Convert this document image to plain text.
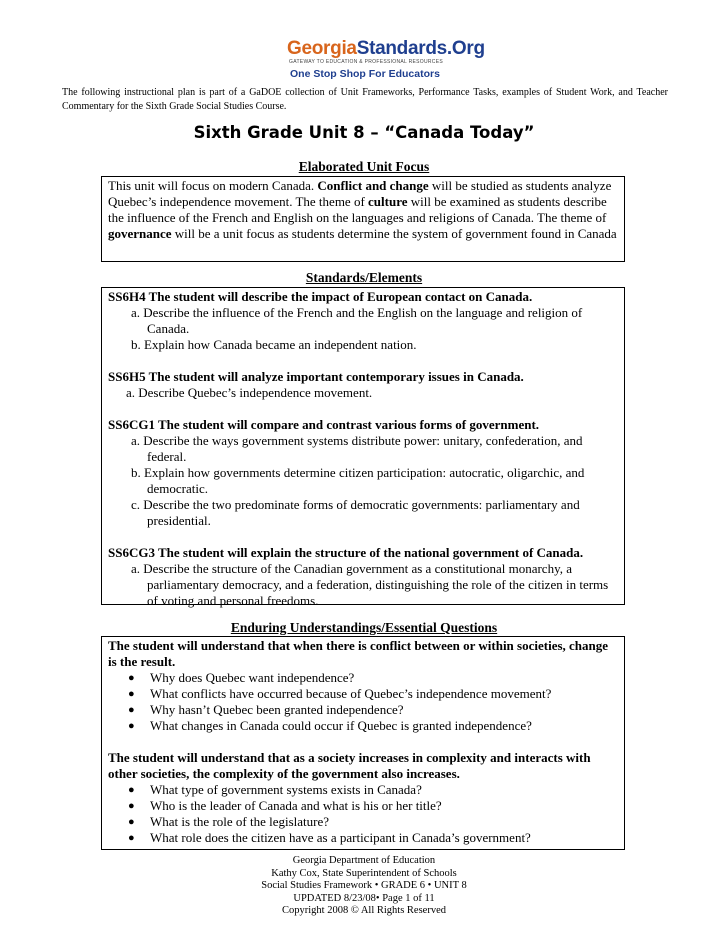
GeorgiaStandards.Org
GATEWAY TO EDUCATION & PROFESSIONAL RESOURCES
One Stop Shop For Educators
The following instructional plan is part of a GaDOE collection of Unit Frameworks, Performance Tasks, examples of Student Work, and Teacher Commentary for the Sixth Grade Social Studies Course.
Sixth Grade Unit 8 – “Canada Today”
Elaborated Unit Focus

This unit will focus on modern Canada. Conflict and change will be studied as students analyze Quebec’s independence movement. The theme of culture will be examined as students describe the influence of the French and English on the languages and religions of Canada. The theme of governance will be a unit focus as students determine the system of government found in Canada

Standards/Elements

SS6H4 The student will describe the impact of European contact on Canada.

a. Describe the influence of the French and the English on the language and religion of Canada.

b. Explain how Canada became an independent nation.

SS6H5 The student will analyze important contemporary issues in Canada.

a. Describe Quebec’s independence movement.

SS6CG1 The student will compare and contrast various forms of government.

a. Describe the ways government systems distribute power: unitary, confederation, and federal.

b. Explain how governments determine citizen participation: autocratic, oligarchic, and democratic.

c. Describe the two predominate forms of democratic governments: parliamentary and presidential.

SS6CG3 The student will explain the structure of the national government of Canada.

a. Describe the structure of the Canadian government as a constitutional monarchy, a parliamentary democracy, and a federation, distinguishing the role of the citizen in terms of voting and personal freedoms.

Enduring Understandings/Essential Questions

The student will understand that when there is conflict between or within societies, change is the result.

● Why does Quebec want independence?
● What conflicts have occurred because of Quebec’s independence movement?
● Why hasn’t Quebec been granted independence?
● What changes in Canada could occur if Quebec is granted independence?

The student will understand that as a society increases in complexity and interacts with other societies, the complexity of the government also increases.

● What type of government systems exists in Canada?
● Who is the leader of Canada and what is his or her title?
● What is the role of the legislature?
● What role does the citizen have as a participant in Canada’s government?
Georgia Department of Education
Kathy Cox, State Superintendent of Schools
Social Studies Framework • GRADE 6 • UNIT 8
UPDATED 8/23/08• Page 1 of 11
Copyright 2008 © All Rights Reserved
